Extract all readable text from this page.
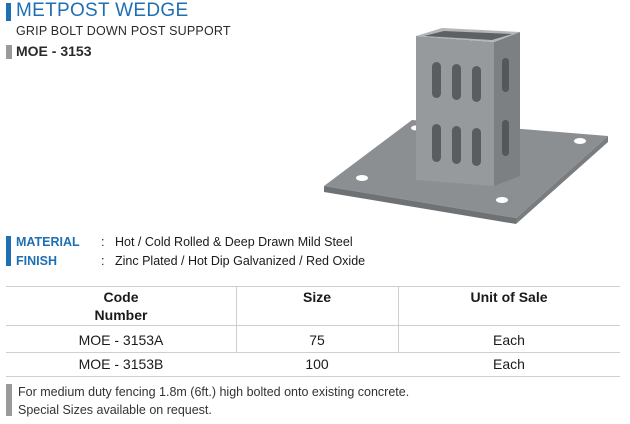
METPOST WEDGE
GRIP BOLT DOWN POST SUPPORT
MOE - 3153
MATERIAL : Hot / Cold Rolled & Deep Drawn Mild Steel
FINISH	: Zinc Plated / Hot Dip Galvanized / Red Oxide
Code
Number
Size	Unit of Sale
MOE - 3153A	75	Each
MOE - 3153B	100	Each
For medium duty fencing 1.8m (6ft.) high bolted onto existing concrete.
Special Sizes available on request.
